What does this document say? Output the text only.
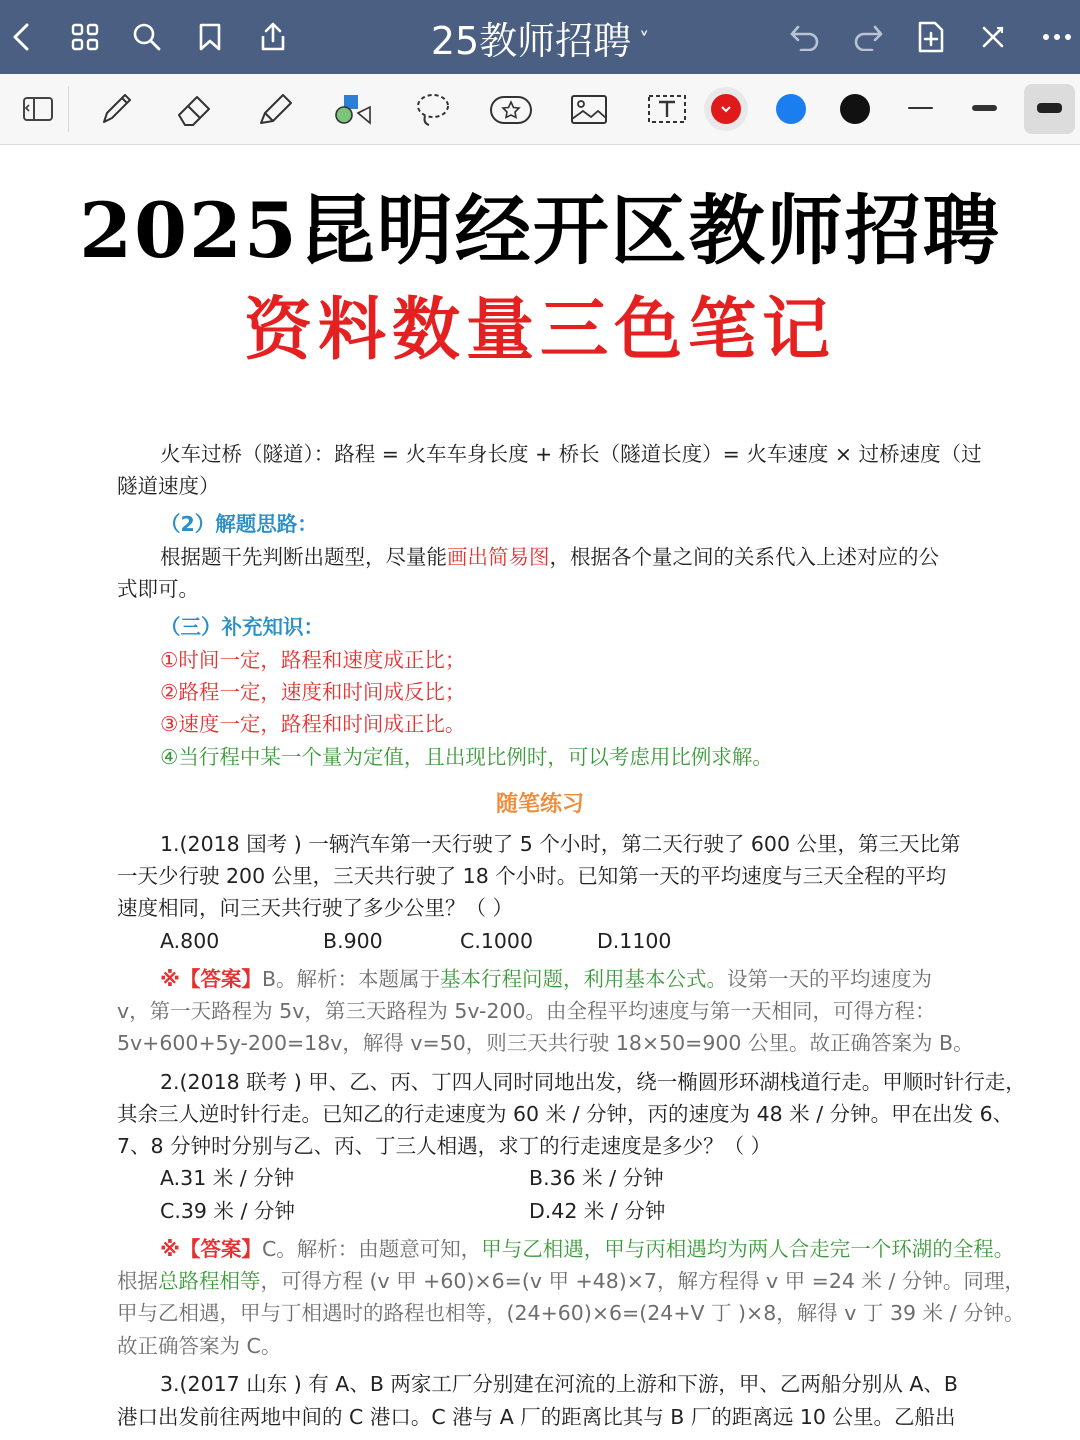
25教师招聘 ˅
2025昆明经开区教师招聘
资料数量三色笔记
火车过桥（隧道）：路程 = 火车车身长度 + 桥长（隧道长度）= 火车速度 × 过桥速度（过
隧道速度）
（2）解题思路：
根据题干先判断出题型，尽量能画出简易图，根据各个量之间的关系代入上述对应的公
式即可。
（三）补充知识：
①时间一定，路程和速度成正比；
②路程一定，速度和时间成反比；
③速度一定，路程和时间成正比。
④当行程中某一个量为定值，且出现比例时，可以考虑用比例求解。
随笔练习
1.(2018 国考 ) 一辆汽车第一天行驶了 5 个小时，第二天行驶了 600 公里，第三天比第
一天少行驶 200 公里，三天共行驶了 18 个小时。已知第一天的平均速度与三天全程的平均
速度相同，问三天共行驶了多少公里？（ ）
A.800	B.900	C.1000	D.1100
※【答案】B。解析：本题属于基本行程问题，利用基本公式。设第一天的平均速度为
v，第一天路程为 5v，第三天路程为 5v-200。由全程平均速度与第一天相同，可得方程：
5v+600+5y-200=18v，解得 v=50，则三天共行驶 18×50=900 公里。故正确答案为 B。
2.(2018 联考 ) 甲、乙、丙、丁四人同时同地出发，绕一椭圆形环湖栈道行走。甲顺时针行走，
其余三人逆时针行走。已知乙的行走速度为 60 米 / 分钟，丙的速度为 48 米 / 分钟。甲在出发 6、
7、8 分钟时分别与乙、丙、丁三人相遇，求丁的行走速度是多少？（ ）
A.31 米 / 分钟	B.36 米 / 分钟
C.39 米 / 分钟	D.42 米 / 分钟
※【答案】C。解析：由题意可知，甲与乙相遇，甲与丙相遇均为两人合走完一个环湖的全程。
根据总路程相等，可得方程 (v 甲 +60)×6=(v 甲 +48)×7，解方程得 v 甲 =24 米 / 分钟。同理，
甲与乙相遇，甲与丁相遇时的路程也相等，(24+60)×6=(24+V 丁 )×8，解得 v 丁 39 米 / 分钟。
故正确答案为 C。
3.(2017 山东 ) 有 A、B 两家工厂分别建在河流的上游和下游，甲、乙两船分别从 A、B
港口出发前往两地中间的 C 港口。C 港与 A 厂的距离比其与 B 厂的距离远 10 公里。乙船出
